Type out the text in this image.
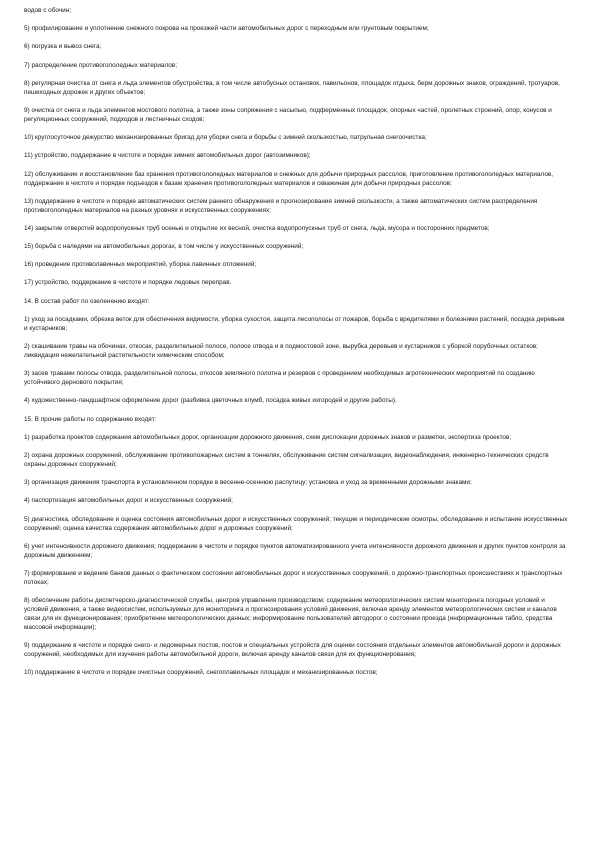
водов с обочин;

5) профилирование и уплотнение снежного покрова на проезжей части автомобильных дорог с переходным или грунтовым покрытием;

6) погрузка и вывоз снега;

7) распределение противогололедных материалов;

8) регулярная очистка от снега и льда элементов обустройства, в том числе автобусных остановок, павильонов, площадок отдыха, берм дорожных знаков, ограждений, тротуаров, пешеходных дорожек и других объектов;

9) очистка от снега и льда элементов мостового полотна, а также зоны сопряжения с насыпью, подферменных площадок, опорных частей, пролетных строений, опор, конусов и регуляционных сооружений, подходов и лестничных сходов;

10) круглосуточное дежурство механизированных бригад для уборки снега и борьбы с зимней скользкостью, патрульная снегоочистка;

11) устройство, поддержание в чистоте и порядке зимних автомобильных дорог (автозимников);

12) обслуживание и восстановление баз хранения противогололедных материалов и снежных для добычи природных рассолов, приготовление противогололедных материалов, поддержание в чистоте и порядке подъездов к базам хранения противогололедных материалов и скважинам для добычи природных рассолов;

13) поддержание в чистоте и порядке автоматических систем раннего обнаружения и прогнозирования зимней скользкости, а также автоматических систем распределения противогололедных материалов на разных уровнях и искусственных сооружениях;

14) закрытие отверстий водопропускных труб осенью и открытие их весной, очистка водопропускных труб от снега, льда, мусора и посторонних предметов;

15) борьба с наледями на автомобильных дорогах, в том числе у искусственных сооружений;

16) проведение противолавинных мероприятий, уборка лавинных отложений;

17) устройство, поддержание в чистоте и порядке ледовых переправ.

14. В состав работ по озеленению входят:

1) уход за посадками, обрезка веток для обеспечения видимости, уборка сухостоя, защита лесополосы от пожаров, борьба с вредителями и болезнями растений, посадка деревьев и кустарников;

2) скашивание травы на обочинах, откосах, разделительной полосе, полосе отвода и в подмостовой зоне, вырубка деревьев и кустарников с уборкой порубочных остатков; ликвидация нежелательной растительности химическим способом;

3) засев травами полосы отвода, разделительной полосы, откосов земляного полотна и резервов с проведением необходимых агротехнических мероприятий по созданию устойчивого дернового покрытия;

4) художественно-ландшафтное оформление дорог (разбивка цветочных клумб, посадка живых изгородей и другие работы).

15. В прочие работы по содержанию входят:

1) разработка проектов содержания автомобильных дорог, организации дорожного движения, схем дислокации дорожных знаков и разметки, экспертиза проектов;

2) охрана дорожных сооружений, обслуживание противопожарных систем в тоннелях, обслуживание систем сигнализации, видеонаблюдения, инженерно-технических средств охраны дорожных сооружений;

3) организация движения транспорта в установленном порядке в весенне-осеннюю распутицу; установка и уход за временными дорожными знаками;

4) паспортизация автомобильных дорог и искусственных сооружений;

5) диагностика, обследование и оценка состояния автомобильных дорог и искусственных сооружений; текущие и периодические осмотры, обследование и испытание искусственных сооружений; оценка качества содержания автомобильных дорог и дорожных сооружений;

6) учет интенсивности дорожного движения; поддержание в чистоте и порядке пунктов автоматизированного учета интенсивности дорожного движения и других пунктов контроля за дорожным движением;

7) формирование и ведение банков данных о фактическом состоянии автомобильных дорог и искусственных сооружений, о дорожно-транспортных происшествиях и транспортных потоках;

8) обеспечение работы диспетчерско-диагностической службы, центров управления производством; содержание метеорологических систем мониторинга погодных условий и условий движения, а также видеосистем, используемых для мониторинга и прогнозирования условий движения, включая аренду элементов метеорологических систем и каналов связи для их функционирования; приобретение метеорологических данных; информирование пользователей автодорог о состоянии проезда (информационные табло, средства массовой информации);

9) поддержание в чистоте и порядке снего- и ледомерных постов, постов и специальных устройств для оценки состояния отдельных элементов автомобильной дороги и дорожных сооружений, необходимых для изучения работы автомобильной дороги, включая аренду каналов связи для их функционирования;

10) поддержание в чистоте и порядке очистных сооружений, снегоплавильных площадок и механизированных постов;
